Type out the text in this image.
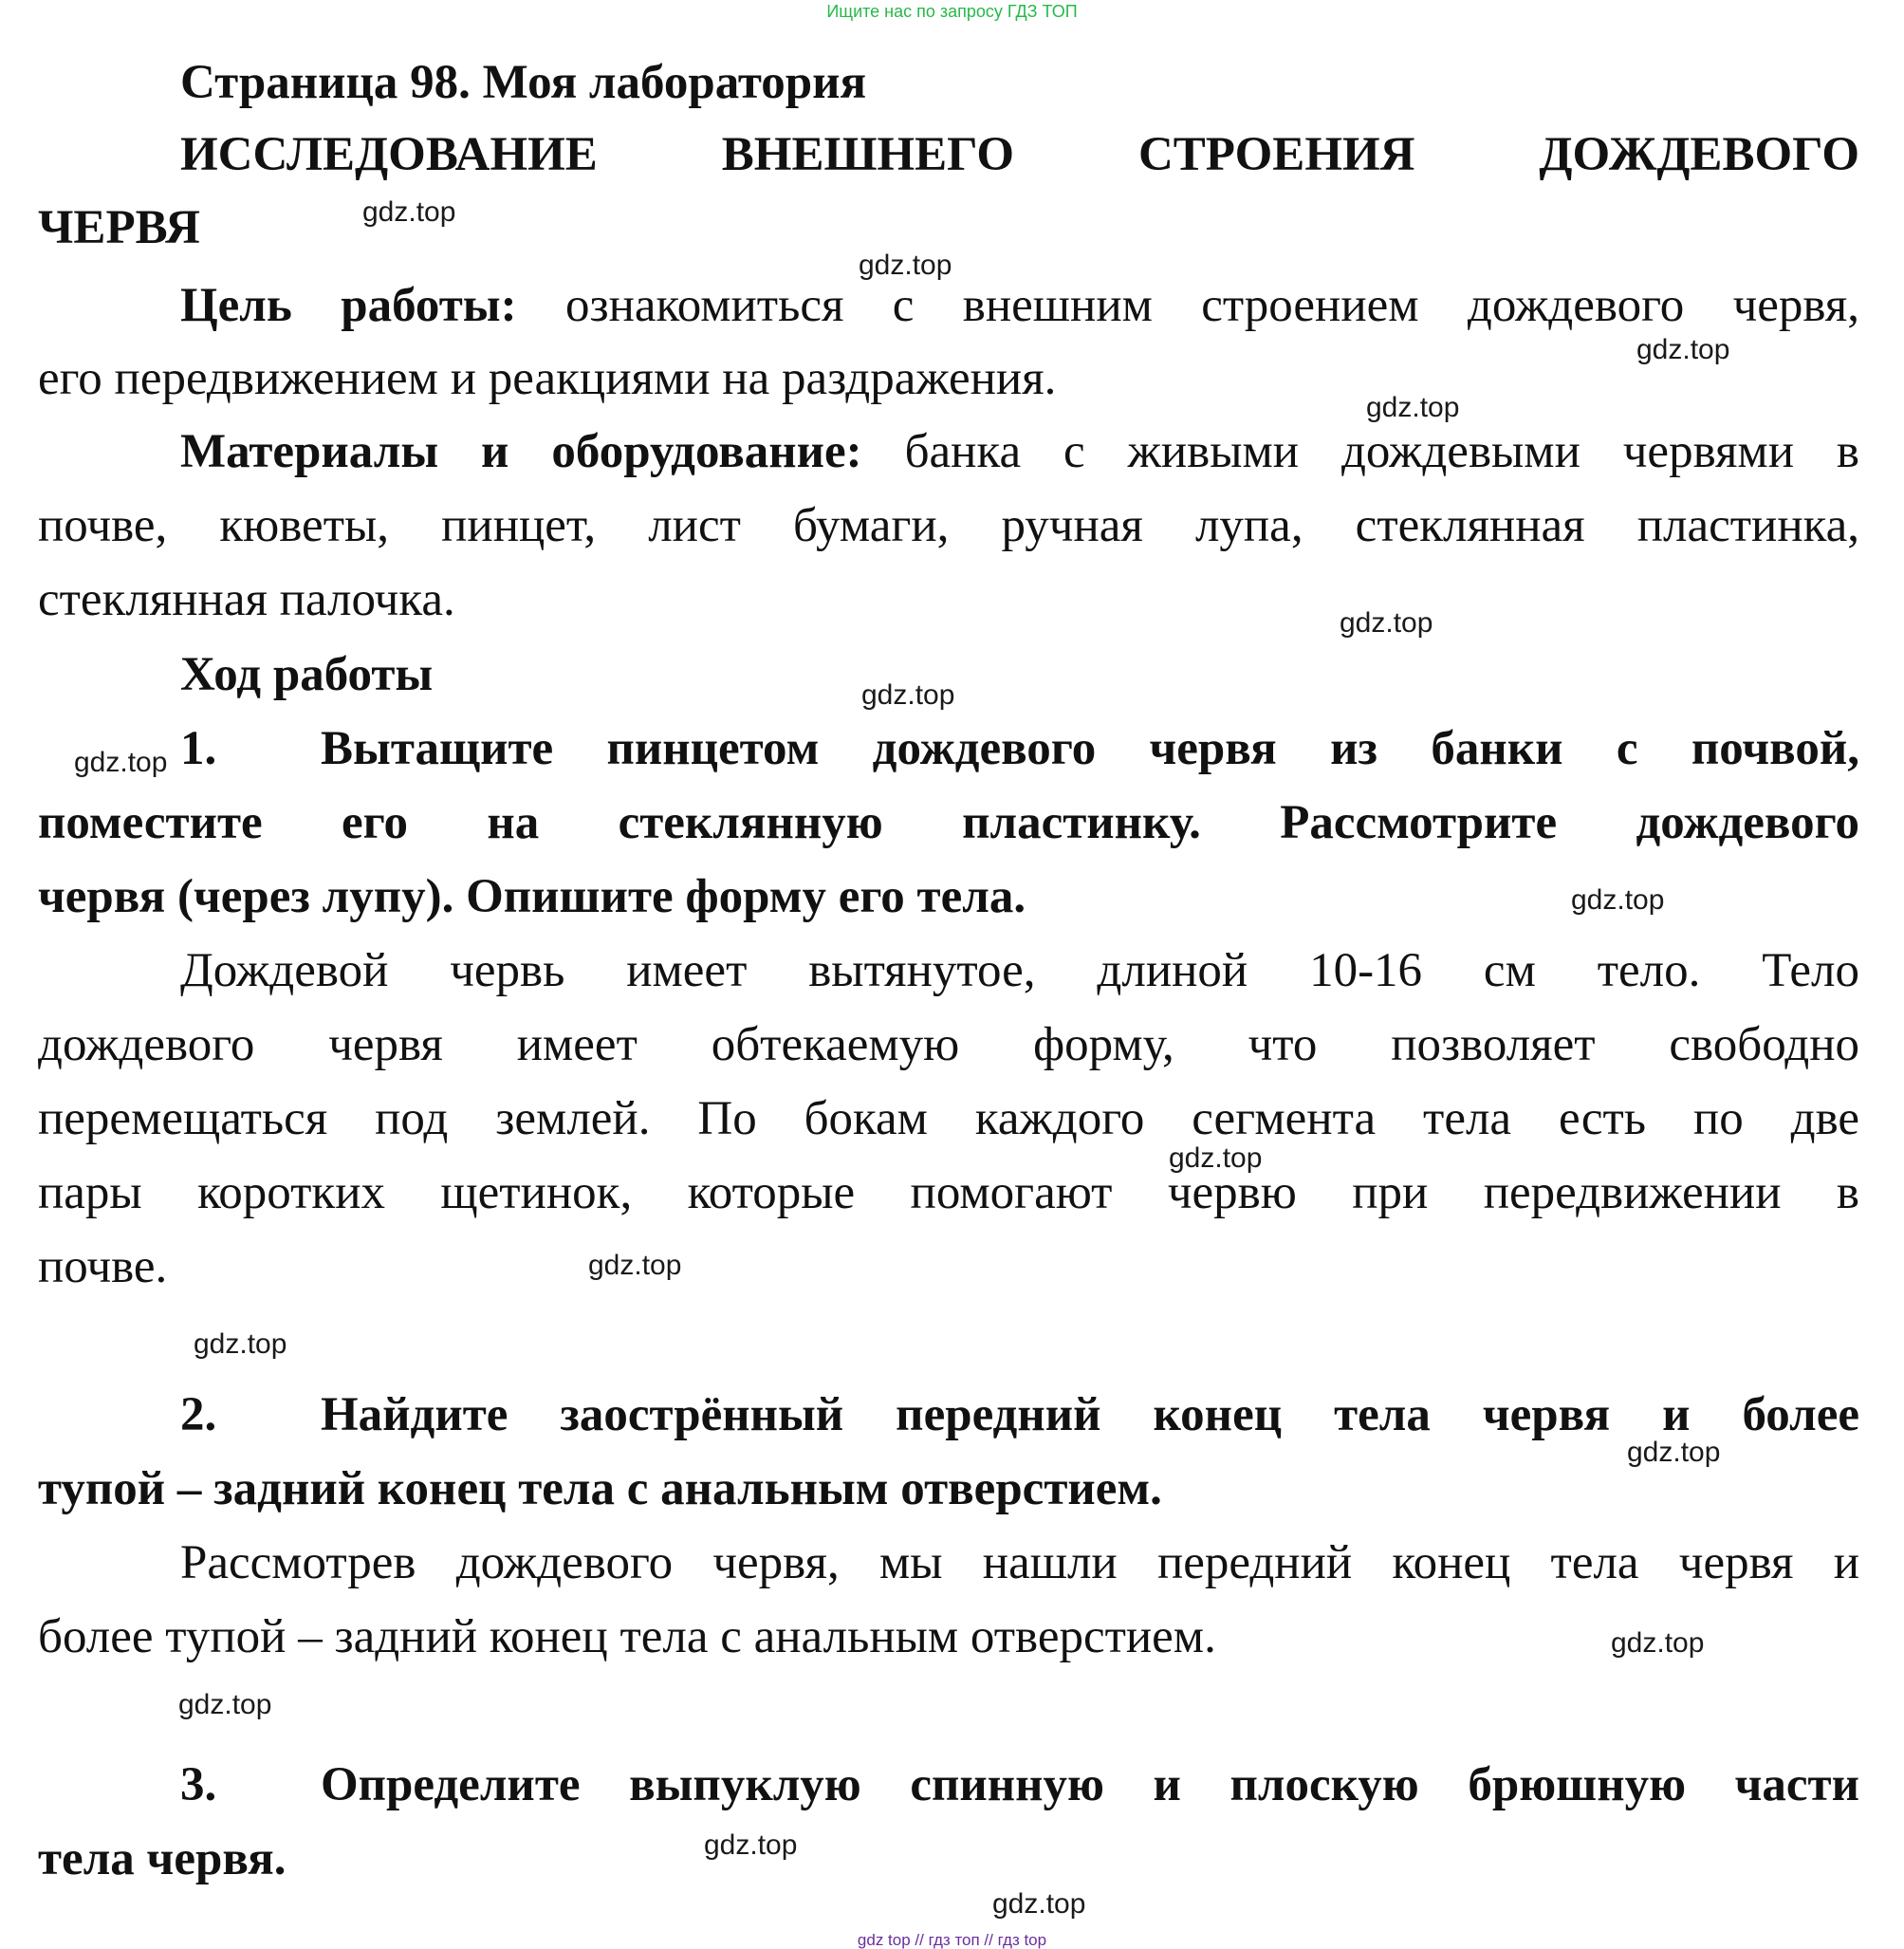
Ищите нас по запросу ГДЗ ТОП
Страница 98. Моя лаборатория
ИССЛЕДОВАНИЕ ВНЕШНЕГО СТРОЕНИЯ ДОЖДЕВОГО
ЧЕРВЯ
Цель работы: ознакомиться с внешним строением дождевого червя,
его передвижением и реакциями на раздражения.
Материалы и оборудование: банка с живыми дождевыми червями в
почве, кюветы, пинцет, лист бумаги, ручная лупа, стеклянная пластинка,
стеклянная палочка.
Ход работы
1. Вытащите пинцетом дождевого червя из банки с почвой,
поместите его на стеклянную пластинку. Рассмотрите дождевого
червя (через лупу). Опишите форму его тела.
Дождевой червь имеет вытянутое, длиной 10-16 см тело. Тело
дождевого червя имеет обтекаемую форму, что позволяет свободно
перемещаться под землей. По бокам каждого сегмента тела есть по две
пары коротких щетинок, которые помогают червю при передвижении в
почве.
2. Найдите заострённый передний конец тела червя и более
тупой – задний конец тела с анальным отверстием.
Рассмотрев дождевого червя, мы нашли передний конец тела червя и
более тупой – задний конец тела с анальным отверстием.
3. Определите выпуклую спинную и плоскую брюшную части
тела червя.
gdz.top
gdz.top
gdz.top
gdz.top
gdz.top
gdz.top
gdz.top
gdz.top
gdz.top
gdz.top
gdz.top
gdz.top
gdz.top
gdz.top
gdz.top
gdz.top
gdz top // гдз топ // гдз top
